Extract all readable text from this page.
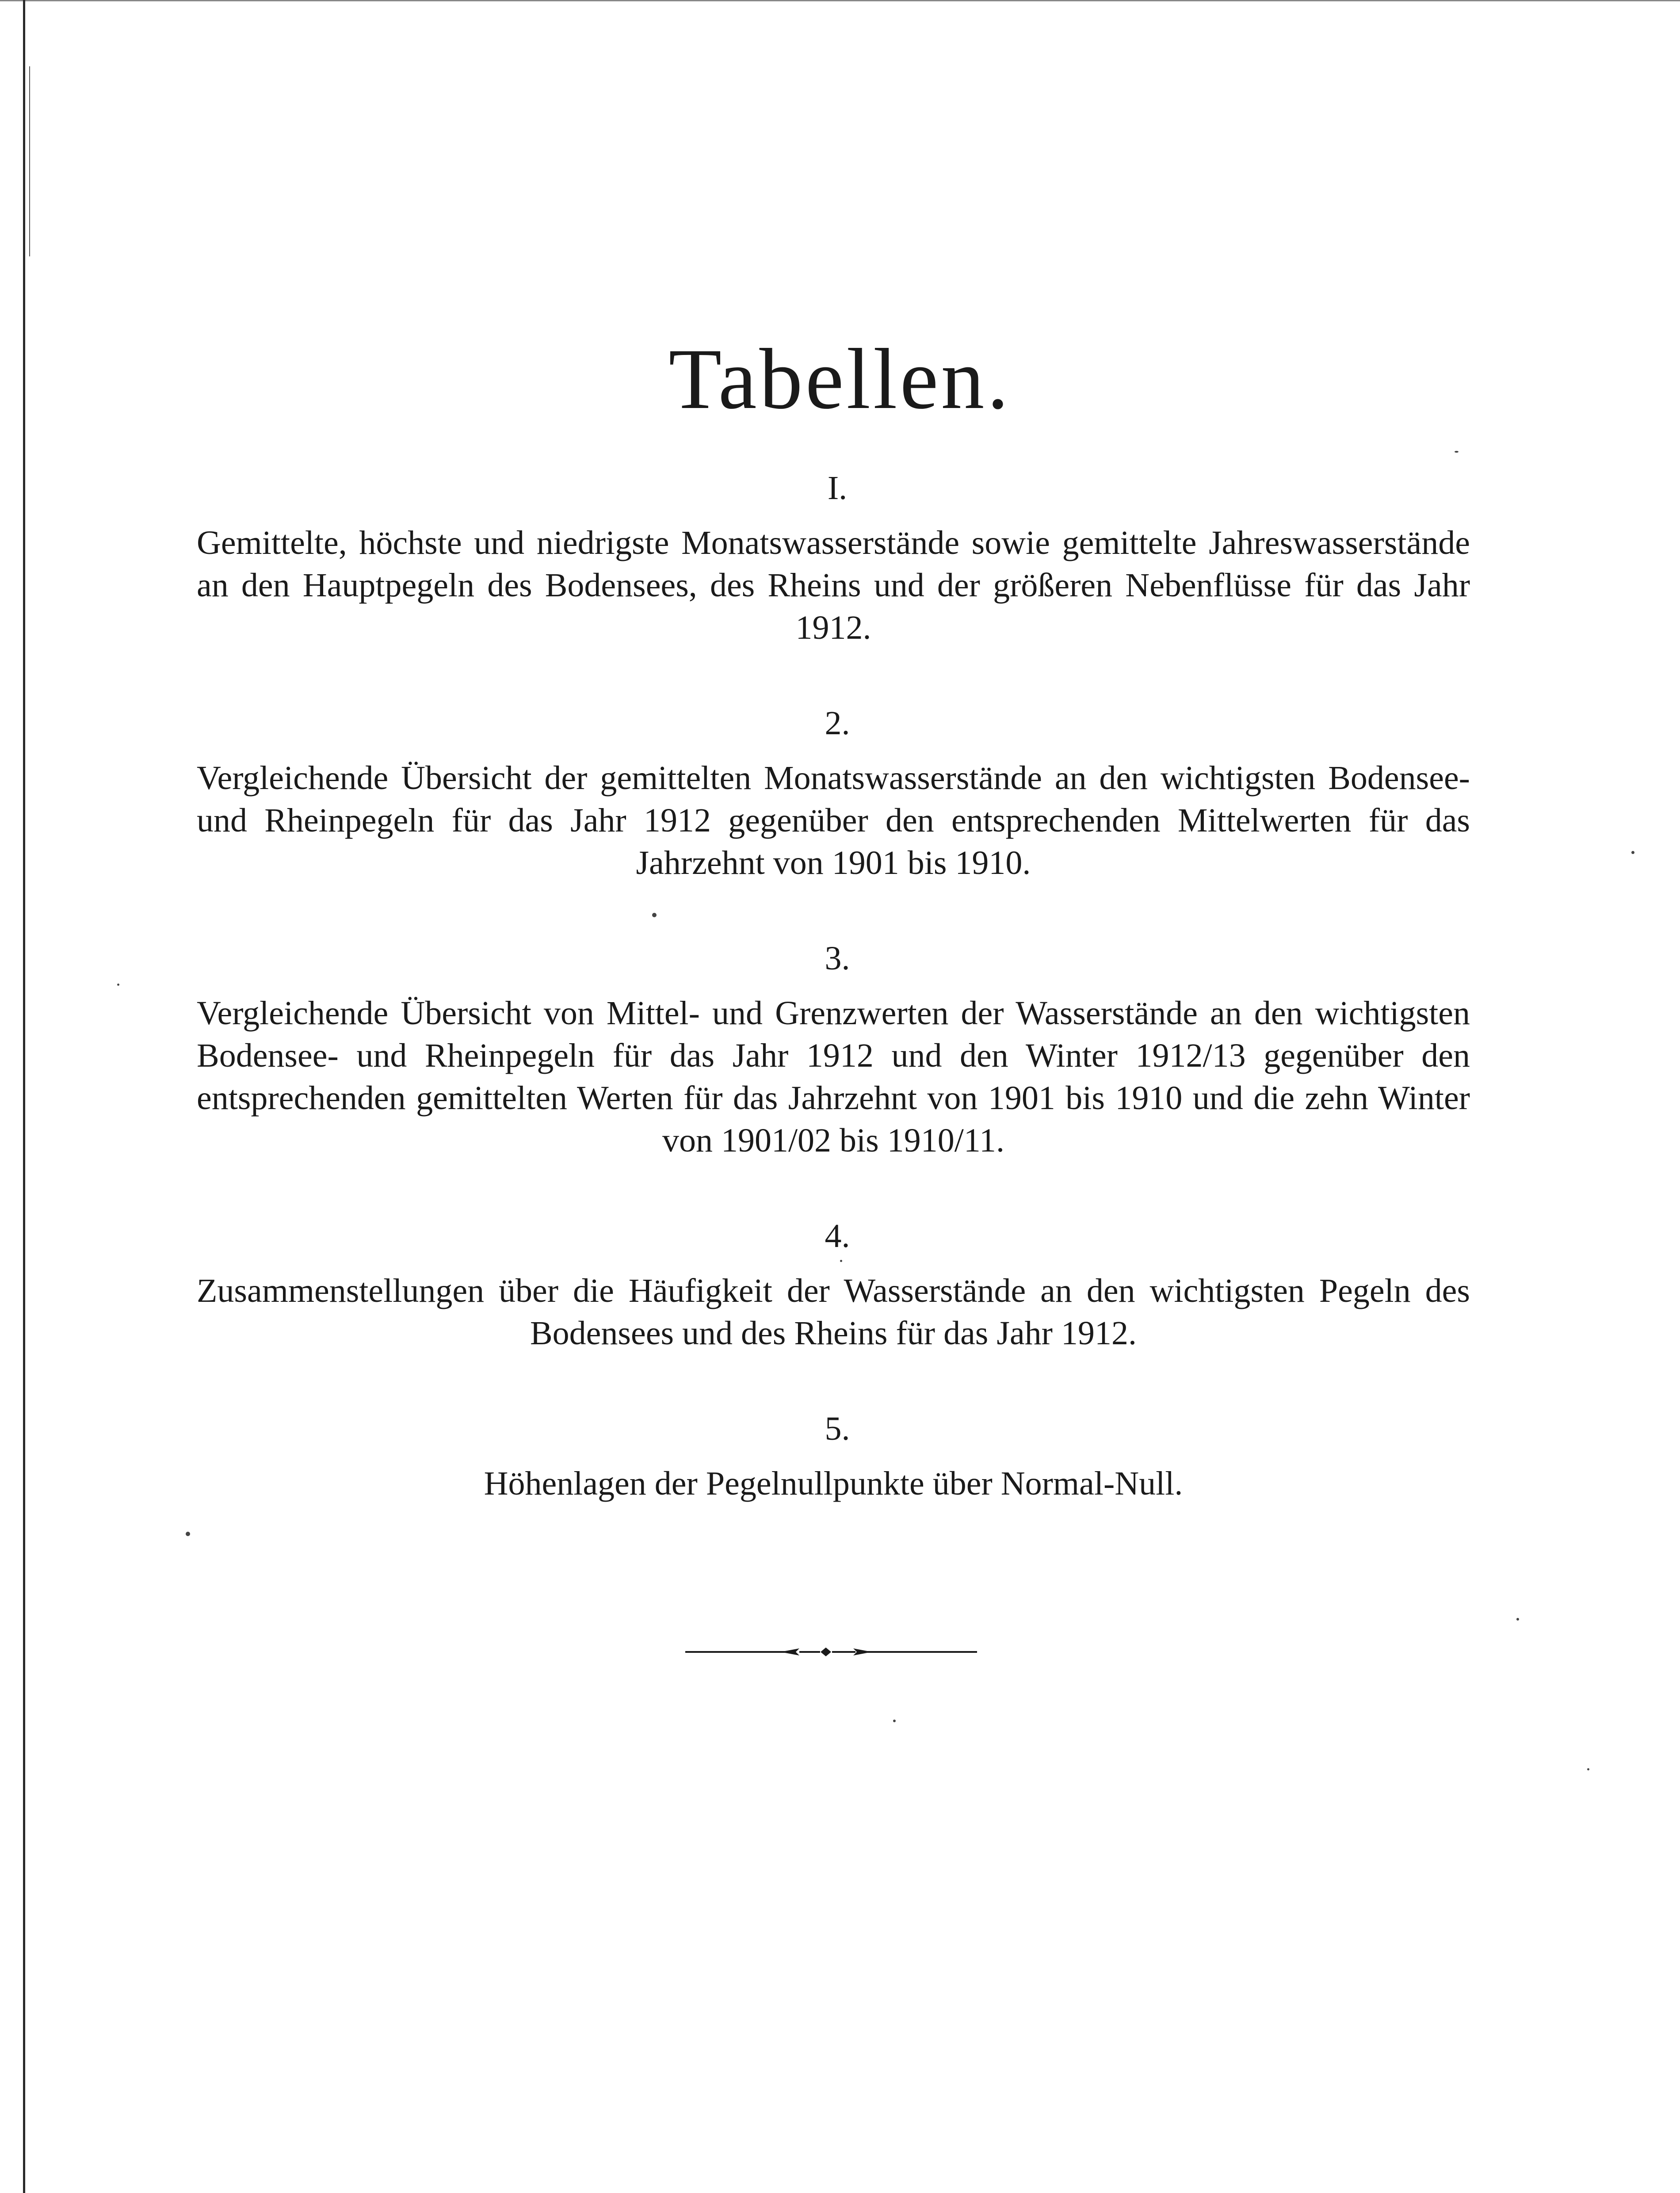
Tabellen.
I.

Gemittelte, höchste und niedrigste Monatswasserstände sowie gemittelte Jahreswasserstände an den Hauptpegeln des Bodensees, des Rheins und der größeren Nebenflüsse für das Jahr 1912.

2.

Vergleichende Übersicht der gemittelten Monatswasserstände an den wichtigsten Bodensee- und Rheinpegeln für das Jahr 1912 gegenüber den entsprechenden Mittelwerten für das Jahrzehnt von 1901 bis 1910.

3.

Vergleichende Übersicht von Mittel- und Grenzwerten der Wasserstände an den wichtigsten Bodensee- und Rheinpegeln für das Jahr 1912 und den Winter 1912/13 gegenüber den entsprechenden gemittelten Werten für das Jahrzehnt von 1901 bis 1910 und die zehn Winter von 1901/02 bis 1910/11.

4.

Zusammenstellungen über die Häufigkeit der Wasserstände an den wichtigsten Pegeln des Bodensees und des Rheins für das Jahr 1912.

5.

Höhenlagen der Pegelnullpunkte über Normal-Null.
